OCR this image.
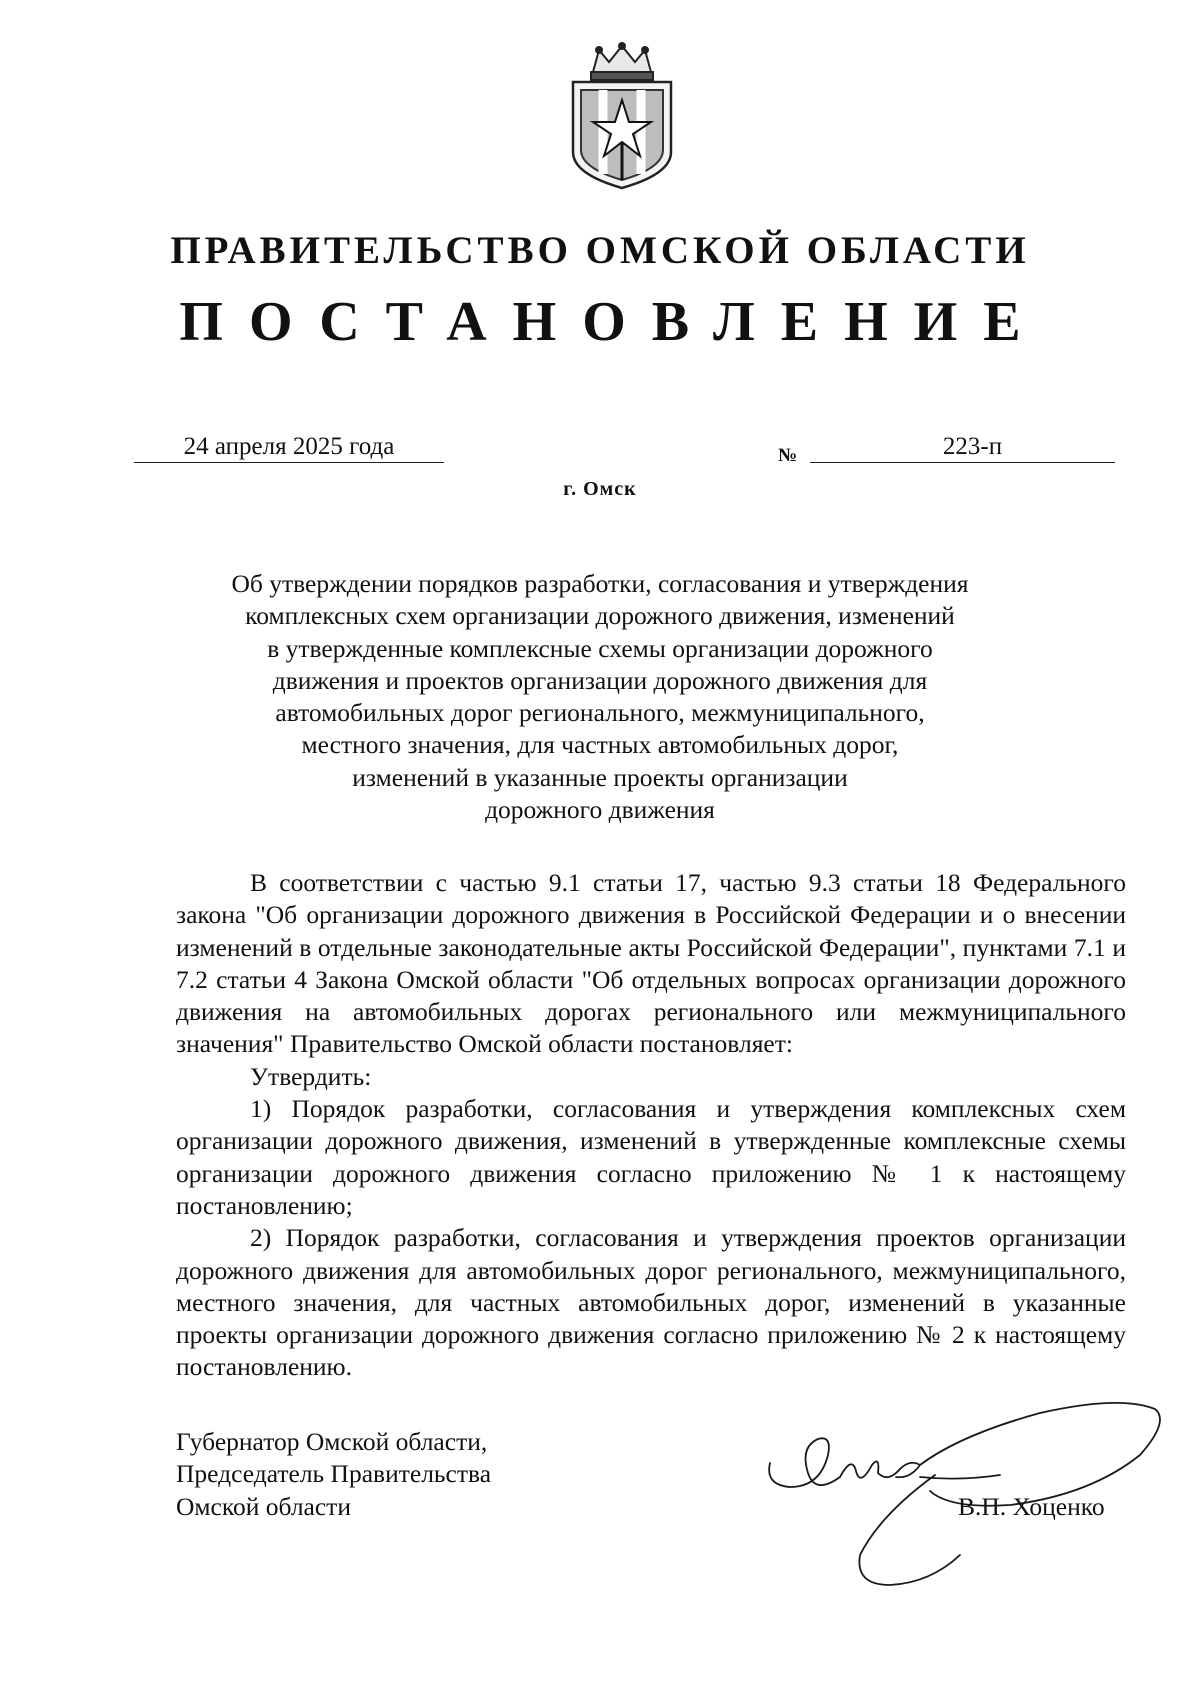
ПРАВИТЕЛЬСТВО ОМСКОЙ ОБЛАСТИ
ПОСТАНОВЛЕНИЕ
24 апреля 2025 года	№	223-п
г. Омск
Об утверждении порядков разработки, согласования и утверждения
комплексных схем организации дорожного движения, изменений
в утвержденные комплексные схемы организации дорожного
движения и проектов организации дорожного движения для
автомобильных дорог регионального, межмуниципального,
местного значения, для частных автомобильных дорог,
изменений в указанные проекты организации
дорожного движения

В соответствии с частью 9.1 статьи 17, частью 9.3 статьи 18 Федерального закона "Об организации дорожного движения в Российской Федерации и о внесении изменений в отдельные законодательные акты Российской Федерации", пунктами 7.1 и 7.2 статьи 4 Закона Омской области "Об отдельных вопросах организации дорожного движения на автомобильных дорогах регионального или межмуниципального значения" Правительство Омской области постановляет:

Утвердить:

1) Порядок разработки, согласования и утверждения комплексных схем организации дорожного движения, изменений в утвержденные комплексные схемы организации дорожного движения согласно приложению № 1 к настоящему постановлению;

2) Порядок разработки, согласования и утверждения проектов организации дорожного движения для автомобильных дорог регионального, межмуниципального, местного значения, для частных автомобильных дорог, изменений в указанные проекты организации дорожного движения согласно приложению № 2 к настоящему постановлению.

Губернатор Омской области,
Председатель Правительства
Омской области	В.П. Хоценко
